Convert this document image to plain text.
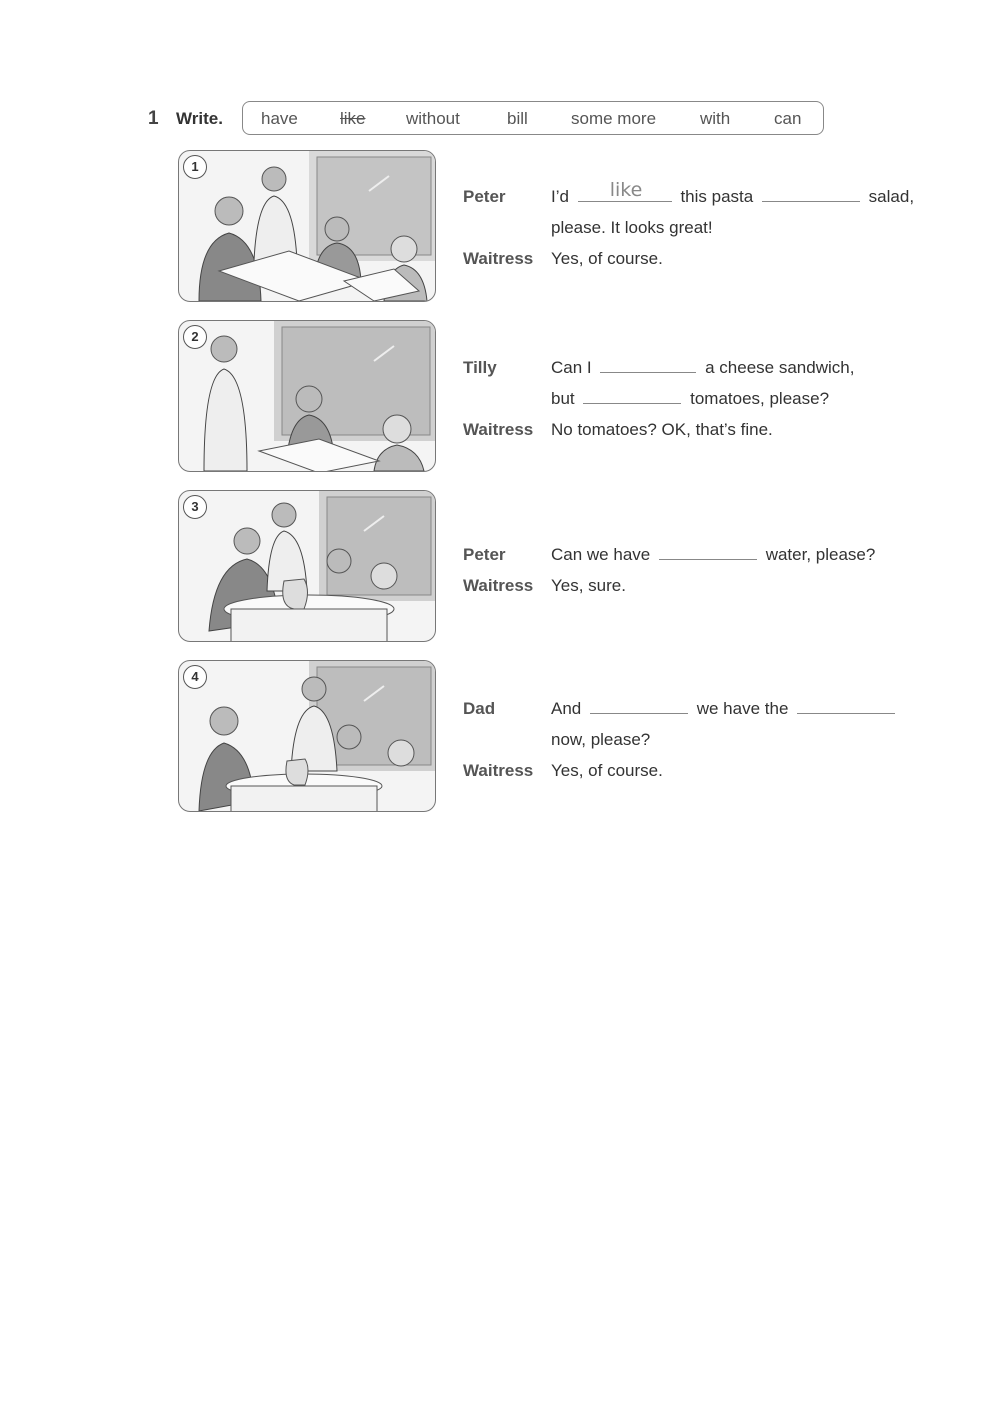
1	Write.	have like without	bill	some more	with	can
1
2
3
4
Peter	I’d like this pasta	salad,
please. It looks great!
Waitress Yes, of course.
Tilly	Can I	a cheese sandwich,
but	tomatoes, please?
Waitress No tomatoes? OK, that’s fine.
Peter	Can we have	water, please?
Waitress Yes, sure.
Dad	And	we have the
now, please?
Waitress Yes, of course.
